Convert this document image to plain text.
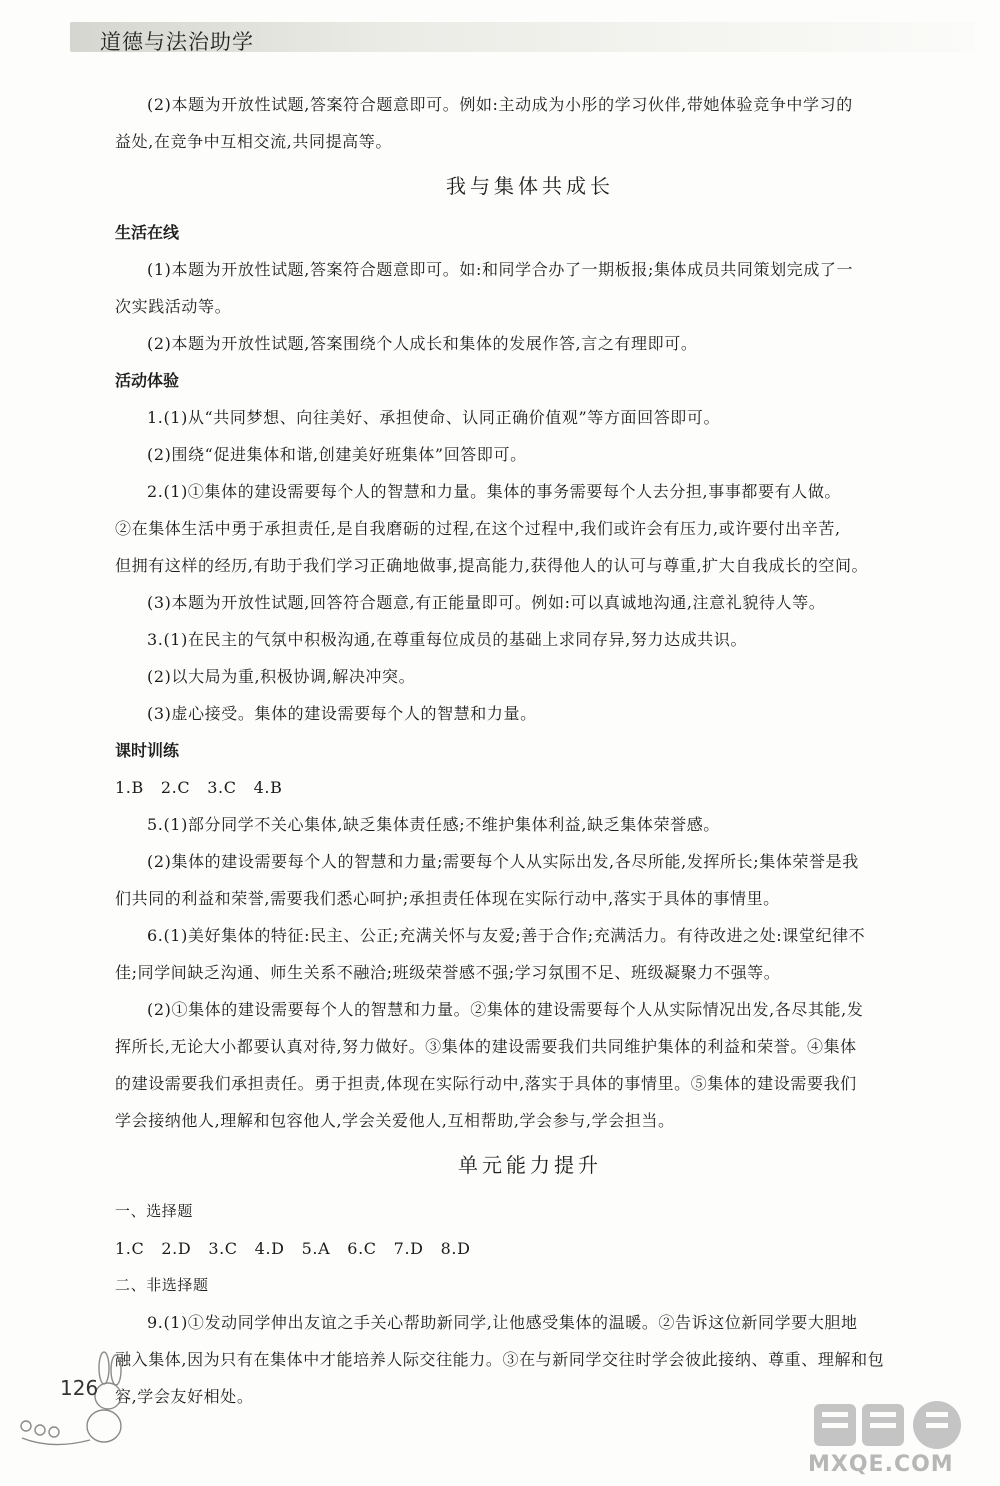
道德与法治助学

(2)本题为开放性试题,答案符合题意即可。例如:主动成为小彤的学习伙伴,带她体验竞争中学习的

益处,在竞争中互相交流,共同提高等。

我与集体共成长
生活在线

(1)本题为开放性试题,答案符合题意即可。如:和同学合办了一期板报;集体成员共同策划完成了一

次实践活动等。

(2)本题为开放性试题,答案围绕个人成长和集体的发展作答,言之有理即可。

活动体验

1.(1)从“共同梦想、向往美好、承担使命、认同正确价值观”等方面回答即可。

(2)围绕“促进集体和谐,创建美好班集体”回答即可。

2.(1)①集体的建设需要每个人的智慧和力量。集体的事务需要每个人去分担,事事都要有人做。

②在集体生活中勇于承担责任,是自我磨砺的过程,在这个过程中,我们或许会有压力,或许要付出辛苦,

但拥有这样的经历,有助于我们学习正确地做事,提高能力,获得他人的认可与尊重,扩大自我成长的空间。

(3)本题为开放性试题,回答符合题意,有正能量即可。例如:可以真诚地沟通,注意礼貌待人等。

3.(1)在民主的气氛中积极沟通,在尊重每位成员的基础上求同存异,努力达成共识。

(2)以大局为重,积极协调,解决冲突。

(3)虚心接受。集体的建设需要每个人的智慧和力量。

课时训练

1.B   2.C   3.C   4.B

5.(1)部分同学不关心集体,缺乏集体责任感;不维护集体利益,缺乏集体荣誉感。

(2)集体的建设需要每个人的智慧和力量;需要每个人从实际出发,各尽所能,发挥所长;集体荣誉是我

们共同的利益和荣誉,需要我们悉心呵护;承担责任体现在实际行动中,落实于具体的事情里。

6.(1)美好集体的特征:民主、公正;充满关怀与友爱;善于合作;充满活力。有待改进之处:课堂纪律不

佳;同学间缺乏沟通、师生关系不融洽;班级荣誉感不强;学习氛围不足、班级凝聚力不强等。

(2)①集体的建设需要每个人的智慧和力量。②集体的建设需要每个人从实际情况出发,各尽其能,发

挥所长,无论大小都要认真对待,努力做好。③集体的建设需要我们共同维护集体的利益和荣誉。④集体

的建设需要我们承担责任。勇于担责,体现在实际行动中,落实于具体的事情里。⑤集体的建设需要我们

学会接纳他人,理解和包容他人,学会关爱他人,互相帮助,学会参与,学会担当。

单元能力提升

一、选择题

1.C   2.D   3.C   4.D   5.A   6.C   7.D   8.D

二、非选择题

9.(1)①发动同学伸出友谊之手关心帮助新同学,让他感受集体的温暖。②告诉这位新同学要大胆地

融入集体,因为只有在集体中才能培养人际交往能力。③在与新同学交往时学会彼此接纳、尊重、理解和包

容,学会友好相处。

126
MXQE.COM
